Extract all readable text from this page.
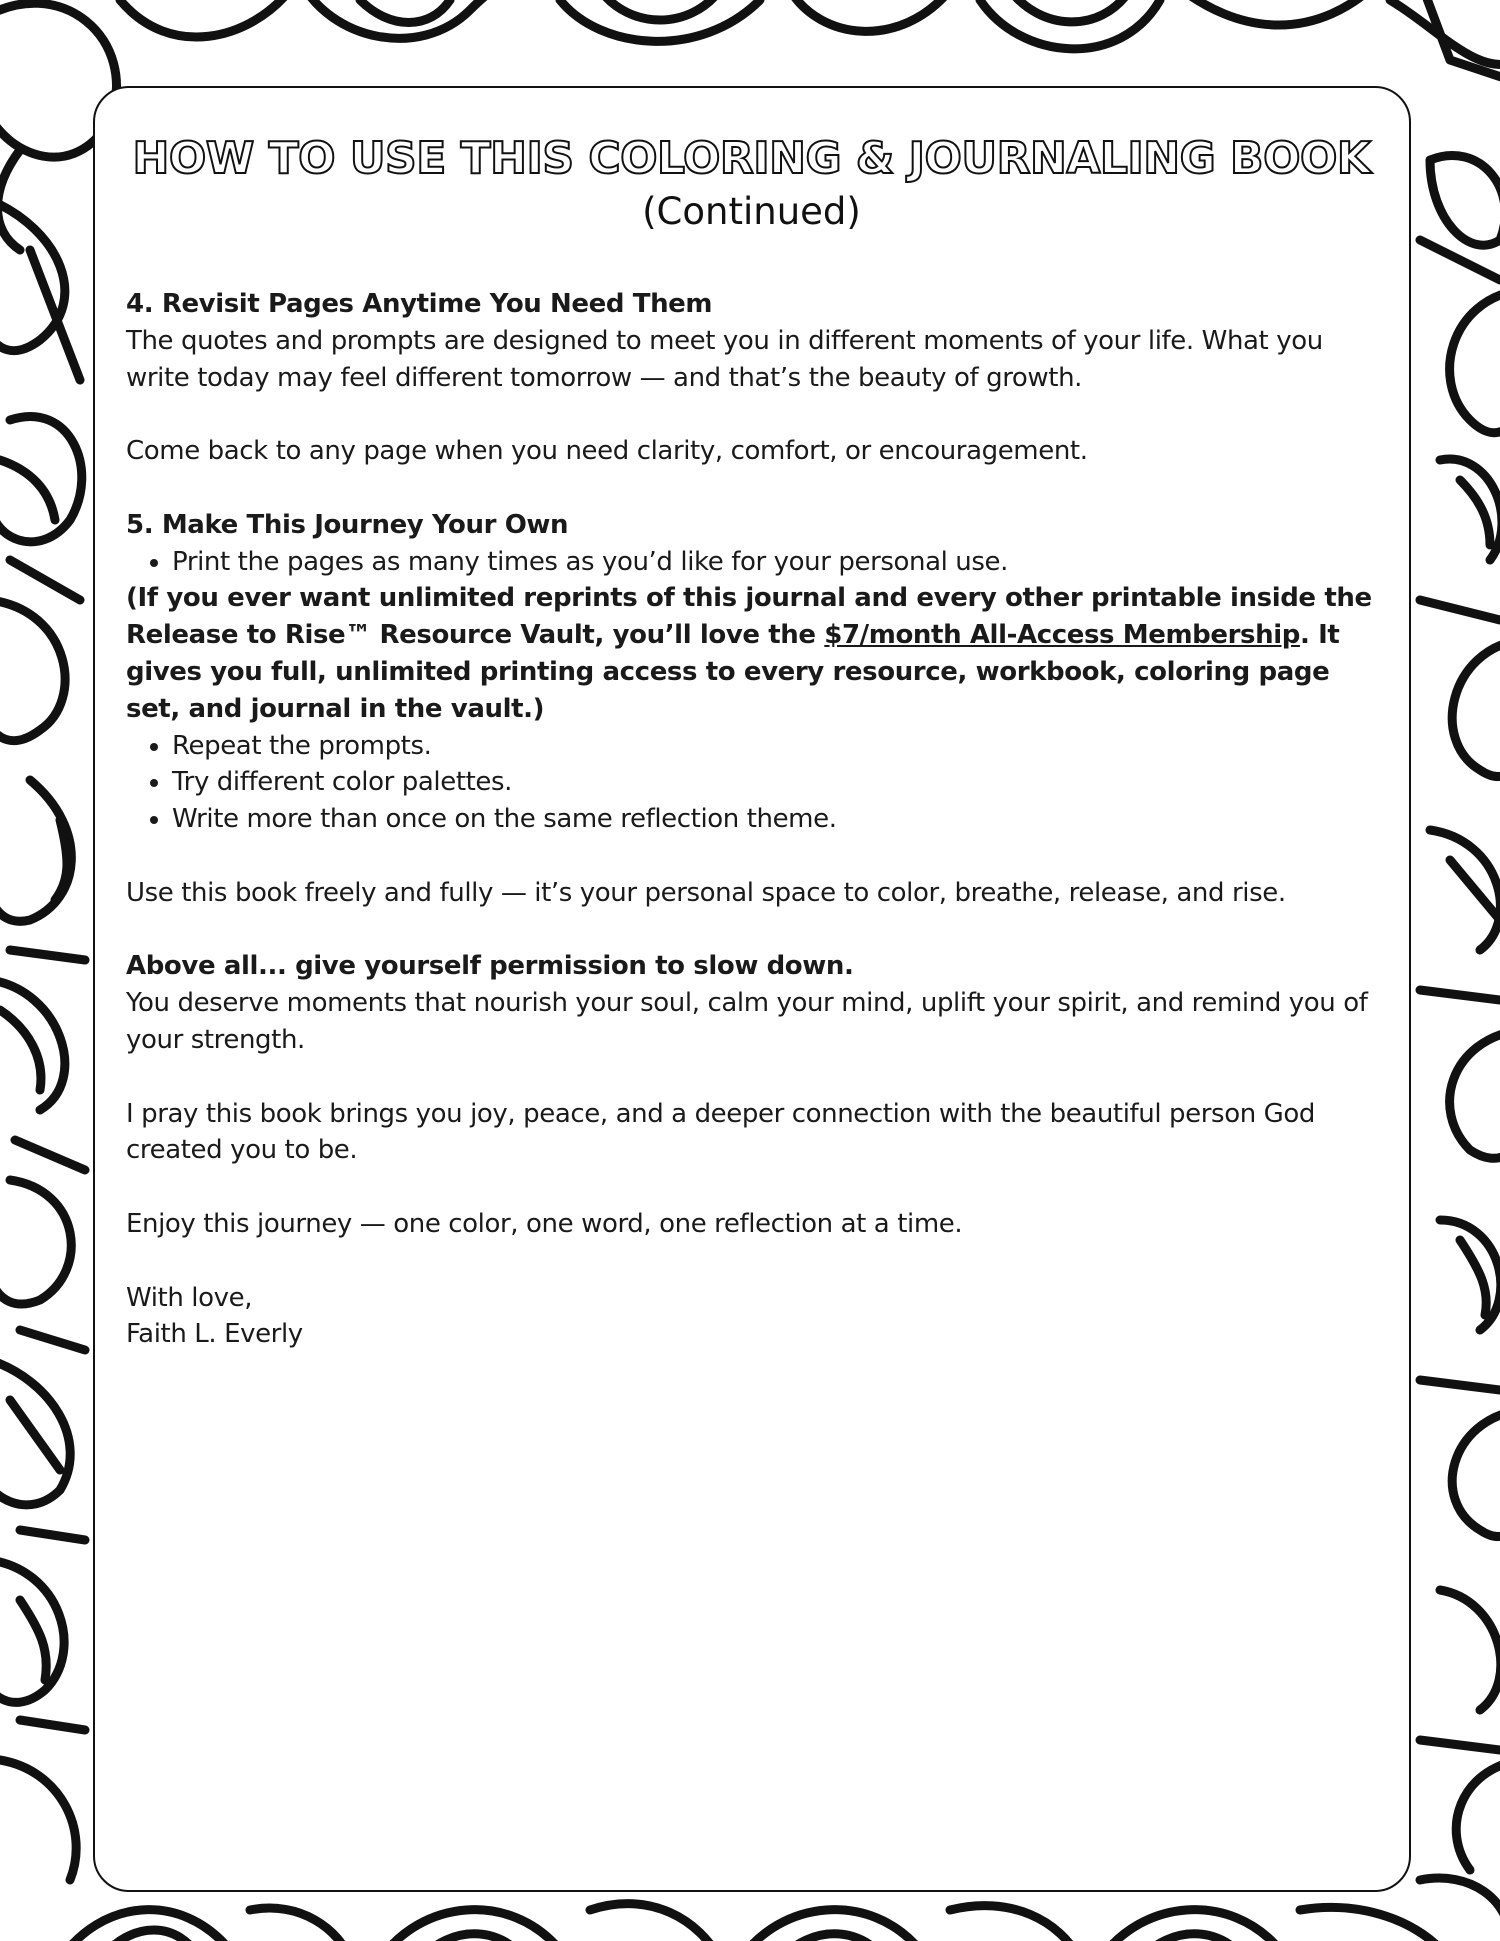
HOW TO USE THIS COLORING & JOURNALING BOOK
(Continued)

4. Revisit Pages Anytime You Need Them

The quotes and prompts are designed to meet you in different moments of your life. What you write today may feel different tomorrow — and that’s the beauty of growth.

Come back to any page when you need clarity, comfort, or encouragement.

5. Make This Journey Your Own

• Print the pages as many times as you’d like for your personal use.

(If you ever want unlimited reprints of this journal and every other printable inside the Release to Rise™ Resource Vault, you’ll love the $7/month All-Access Membership. It gives you full, unlimited printing access to every resource, workbook, coloring page set, and journal in the vault.)

• Repeat the prompts.
• Try different color palettes.
• Write more than once on the same reflection theme.

Use this book freely and fully — it’s your personal space to color, breathe, release, and rise.

Above all... give yourself permission to slow down.

You deserve moments that nourish your soul, calm your mind, uplift your spirit, and remind you of your strength.

I pray this book brings you joy, peace, and a deeper connection with the beautiful person God created you to be.

Enjoy this journey — one color, one word, one reflection at a time.

With love,

Faith L. Everly
